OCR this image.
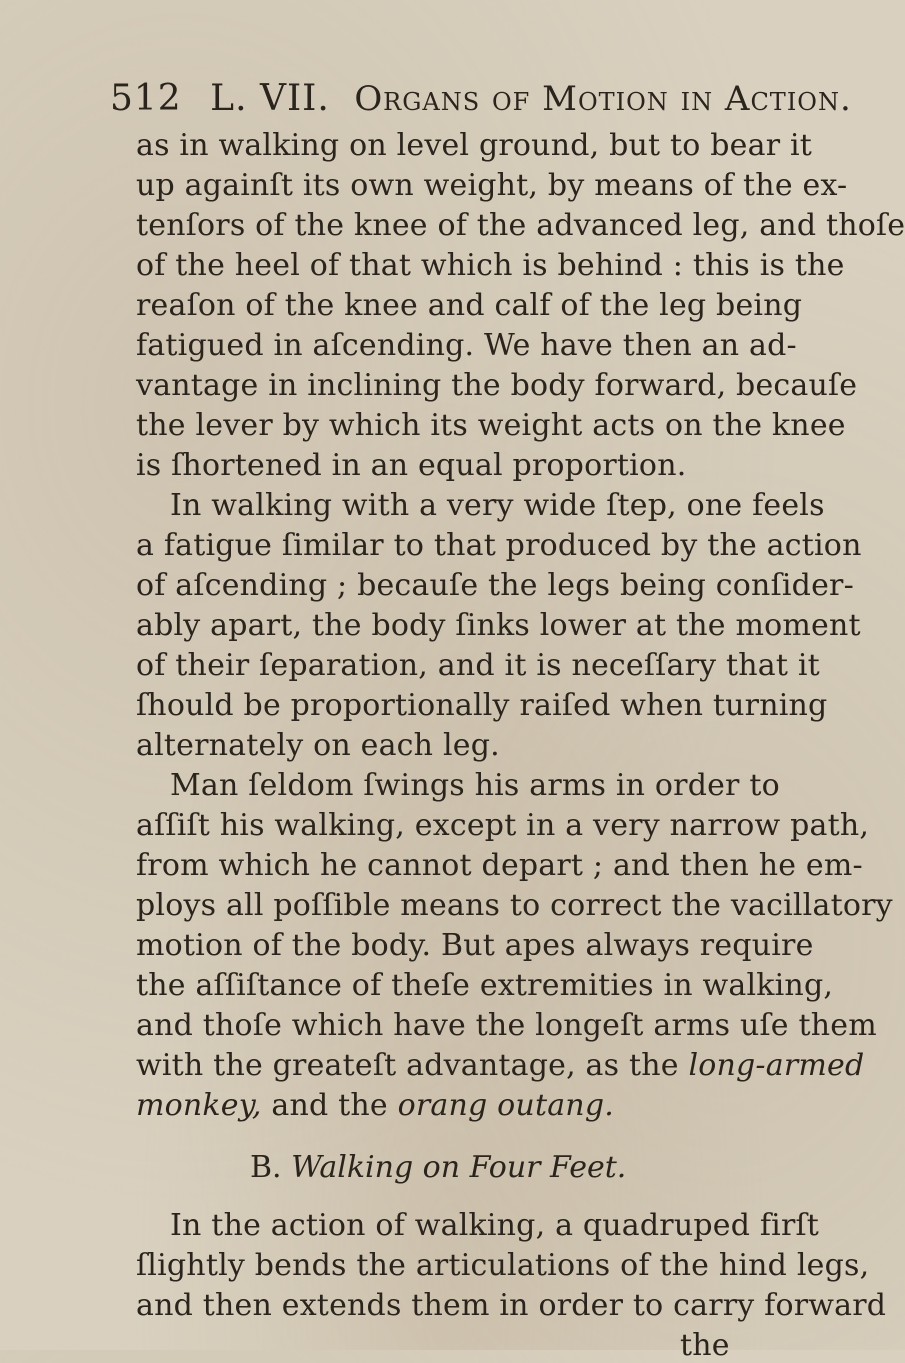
512 L. VII. Organs of Motion in Action.
as in walking on level ground, but to bear it
up againſt its own weight, by means of the ex-
tenſors of the knee of the advanced leg, and thoſe
of the heel of that which is behind : this is the
reaſon of the knee and calf of the leg being
fatigued in aſcending. We have then an ad-
vantage in inclining the body forward, becauſe
the lever by which its weight acts on the knee
is ſhortened in an equal proportion.
In walking with a very wide ſtep, one feels
a fatigue ſimilar to that produced by the action
of aſcending ; becauſe the legs being conſider-
ably apart, the body ſinks lower at the moment
of their ſeparation, and it is neceſſary that it
ſhould be proportionally raiſed when turning
alternately on each leg.
Man ſeldom ſwings his arms in order to
aſſiſt his walking, except in a very narrow path,
from which he cannot depart ; and then he em-
ploys all poſſible means to correct the vacillatory
motion of the body. But apes always require
the aſſiſtance of theſe extremities in walking,
and thoſe which have the longeſt arms uſe them
with the greateſt advantage, as the long-armed
monkey, and the orang outang.
B. Walking on Four Feet.
In the action of walking, a quadruped firſt
ſlightly bends the articulations of the hind legs,
and then extends them in order to carry forward
the
